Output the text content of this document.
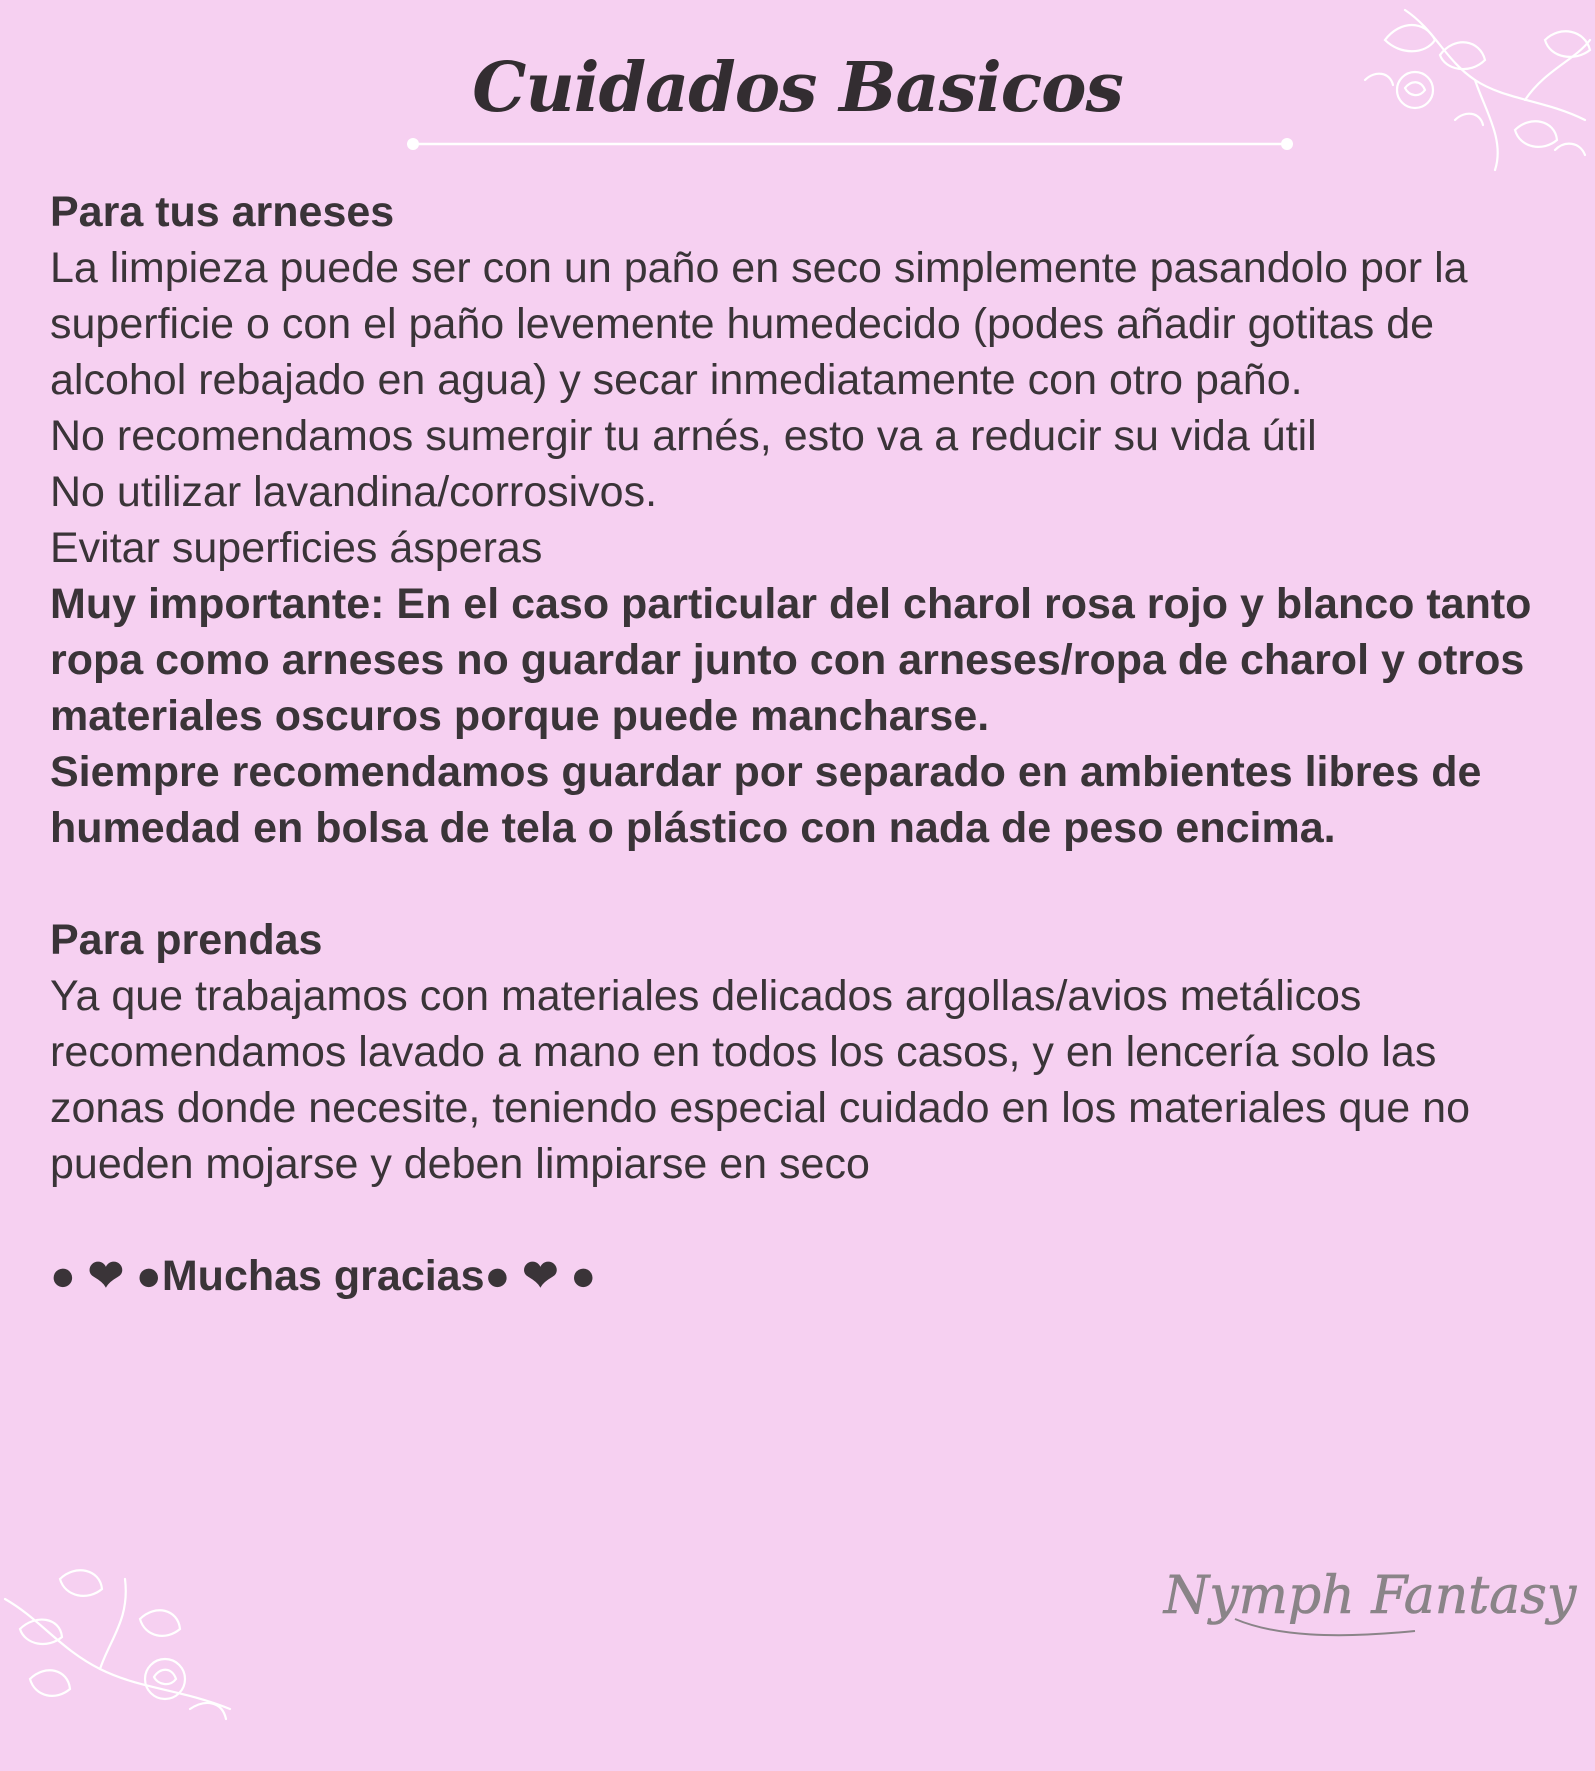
Cuidados Basicos

Para tus arneses

La limpieza puede ser con un paño en seco simplemente pasandolo por la superficie o con el paño levemente humedecido (podes añadir gotitas de alcohol rebajado en agua) y secar inmediatamente con otro paño.

No recomendamos sumergir tu arnés, esto va a reducir su vida útil

No utilizar lavandina/corrosivos.

Evitar superficies ásperas

Muy importante: En el caso particular del charol rosa rojo y blanco tanto ropa como arneses no guardar junto con arneses/ropa de charol y otros materiales oscuros porque puede mancharse.

Siempre recomendamos guardar por separado en ambientes libres de humedad en bolsa de tela o plástico con nada de peso encima.

Para prendas

Ya que trabajamos con materiales delicados argollas/avios metálicos recomendamos lavado a mano en todos los casos, y en lencería solo las zonas donde necesite, teniendo especial cuidado en los materiales que no pueden mojarse y deben limpiarse en seco

● ❤ ●Muchas gracias● ❤ ●

Nymph Fantasy
